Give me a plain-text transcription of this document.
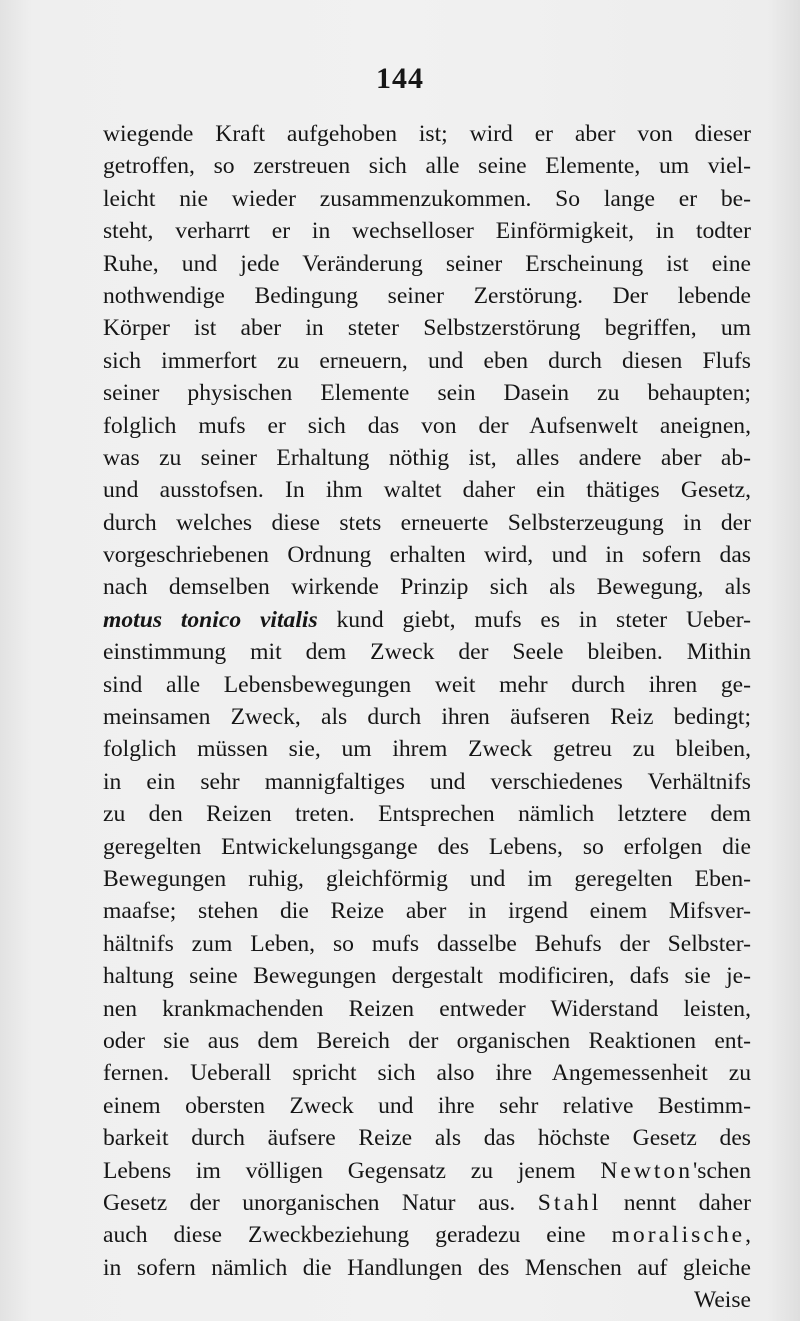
144
wiegende Kraft aufgehoben ist; wird er aber von dieser
getroffen, so zerstreuen sich alle seine Elemente, um viel-
leicht nie wieder zusammenzukommen. So lange er be-
steht, verharrt er in wechselloser Einförmigkeit, in todter
Ruhe, und jede Veränderung seiner Erscheinung ist eine
nothwendige Bedingung seiner Zerstörung. Der lebende
Körper ist aber in steter Selbstzerstörung begriffen, um
sich immerfort zu erneuern, und eben durch diesen Flufs
seiner physischen Elemente sein Dasein zu behaupten;
folglich mufs er sich das von der Aufsenwelt aneignen,
was zu seiner Erhaltung nöthig ist, alles andere aber ab-
und ausstofsen. In ihm waltet daher ein thätiges Gesetz,
durch welches diese stets erneuerte Selbsterzeugung in der
vorgeschriebenen Ordnung erhalten wird, und in sofern das
nach demselben wirkende Prinzip sich als Bewegung, als
motus tonico vitalis kund giebt, mufs es in steter Ueber-
einstimmung mit dem Zweck der Seele bleiben. Mithin
sind alle Lebensbewegungen weit mehr durch ihren ge-
meinsamen Zweck, als durch ihren äufseren Reiz bedingt;
folglich müssen sie, um ihrem Zweck getreu zu bleiben,
in ein sehr mannigfaltiges und verschiedenes Verhältnifs
zu den Reizen treten. Entsprechen nämlich letztere dem
geregelten Entwickelungsgange des Lebens, so erfolgen die
Bewegungen ruhig, gleichförmig und im geregelten Eben-
maafse; stehen die Reize aber in irgend einem Mifsver-
hältnifs zum Leben, so mufs dasselbe Behufs der Selbster-
haltung seine Bewegungen dergestalt modificiren, dafs sie je-
nen krankmachenden Reizen entweder Widerstand leisten,
oder sie aus dem Bereich der organischen Reaktionen ent-
fernen. Ueberall spricht sich also ihre Angemessenheit zu
einem obersten Zweck und ihre sehr relative Bestimm-
barkeit durch äufsere Reize als das höchste Gesetz des
Lebens im völligen Gegensatz zu jenem Newton'schen
Gesetz der unorganischen Natur aus. Stahl nennt daher
auch diese Zweckbeziehung geradezu eine moralische,
in sofern nämlich die Handlungen des Menschen auf gleiche
Weise
